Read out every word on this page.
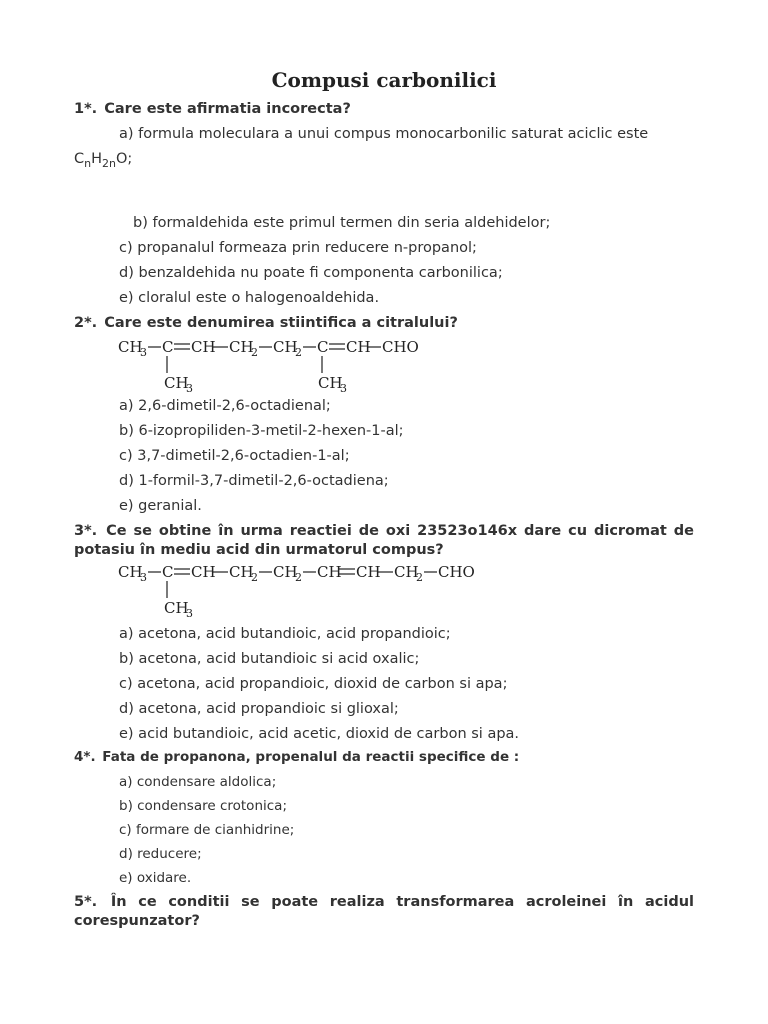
Compusi carbonilici
1*. Care este afirmatia incorecta?
a) formula moleculara a unui compus monocarbonilic saturat aciclic este
$C_nH_{2n}O$;
b) formaldehida este primul termen din seria aldehidelor;
c) propanalul formeaza prin reducere n-propanol;
d) benzaldehida nu poate fi componenta carbonilica;
e) cloralul este o halogenoaldehida.
2*. Care este denumirea stiintifica a citralului?
CH
3 C CH CH
2 CH
2 C CH CHO
CH
3	CH
3
CH
3 C CH CH
2 CH
2 CH CH CH
2 CHO
CH
3
a) 2,6-dimetil-2,6-octadienal;
b) 6-izopropiliden-3-metil-2-hexen-1-al;
c) 3,7-dimetil-2,6-octadien-1-al;
d) 1-formil-3,7-dimetil-2,6-octadiena;
e) geranial.
3*. Ce se obtine în urma reactiei de oxi 23523o146x dare cu dicromat de potasiu în mediu acid din urmatorul compus?
a) acetona, acid butandioic, acid propandioic;
b) acetona, acid butandioic si acid oxalic;
c) acetona, acid propandioic, dioxid de carbon si apa;
d) acetona, acid propandioic si glioxal;
e) acid butandioic, acid acetic, dioxid de carbon si apa.
4*. Fata de propanona, propenalul da reactii specifice de :
a) condensare aldolica;
b) condensare crotonica;
c) formare de cianhidrine;
d) reducere;
e) oxidare.
5*. În ce conditii se poate realiza transformarea acroleinei în acidul corespunzator?
